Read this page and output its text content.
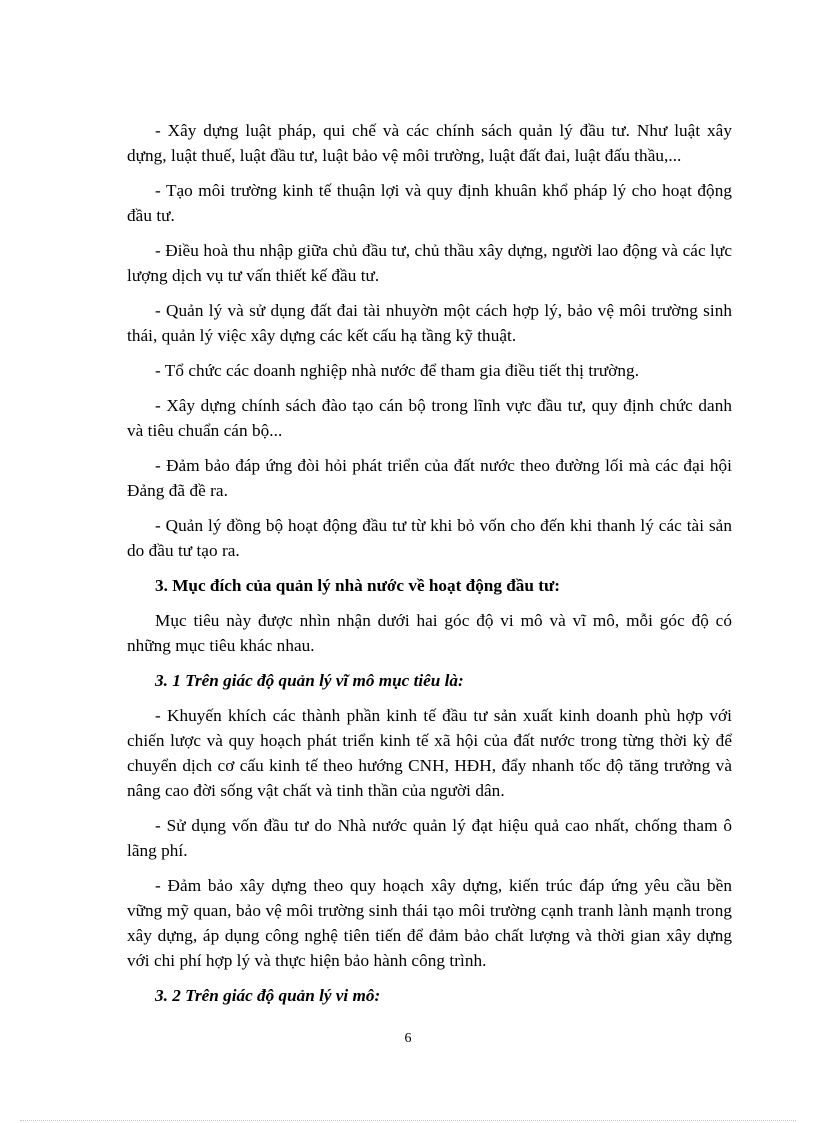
- Xây dựng luật pháp, qui chế và các chính sách quản lý đầu tư. Như luật xây dựng, luật thuế, luật đầu tư, luật bảo vệ môi trường, luật đất đai, luật đấu thầu,...

- Tạo môi trường kinh tế thuận lợi và quy định khuân khổ pháp lý cho hoạt động đầu tư.

- Điều hoà thu nhập giữa chủ đầu tư, chủ thầu xây dựng, người lao động và các lực lượng dịch vụ tư vấn thiết kế đầu tư.

- Quản lý và sử dụng đất đai tài nhuyờn một cách hợp lý, bảo vệ môi trường sinh thái, quản lý việc xây dựng các kết cấu hạ tầng kỹ thuật.

- Tổ chức các doanh nghiệp nhà nước để tham gia điều tiết thị trường.

- Xây dựng chính sách đào tạo cán bộ trong lĩnh vực đầu tư, quy định chức danh và tiêu chuẩn cán bộ...

- Đảm bảo đáp ứng đòi hỏi phát triển của đất nước theo đường lối mà các đại hội Đảng đã đề ra.

- Quản lý đồng bộ hoạt động đầu tư từ khi bỏ vốn cho đến khi thanh lý các tài sản do đầu tư tạo ra.

3. Mục đích của quản lý nhà nước về hoạt động đầu tư:

Mục tiêu này được nhìn nhận dưới hai góc độ vi mô và vĩ mô, mỗi góc độ có những mục tiêu khác nhau.

3. 1 Trên giác độ quản lý vĩ mô mục tiêu là:

- Khuyến khích các thành phần kinh tế đầu tư sản xuất kinh doanh phù hợp với chiến lược và quy hoạch phát triển kinh tế xã hội của đất nước trong từng thời kỳ để chuyển dịch cơ cấu kinh tế theo hướng CNH, HĐH, đẩy nhanh tốc độ tăng trưởng và nâng cao đời sống vật chất và tinh thần của người dân.

- Sử dụng vốn đầu tư do Nhà nước quản lý đạt hiệu quả cao nhất, chống tham ô lãng phí.

- Đảm bảo xây dựng theo quy hoạch xây dựng, kiến trúc đáp ứng yêu cầu bền vững mỹ quan, bảo vệ môi trường sinh thái tạo môi trường cạnh tranh lành mạnh trong xây dựng, áp dụng công nghệ tiên tiến để đảm bảo chất lượng và thời gian xây dựng với chi phí hợp lý và thực hiện bảo hành công trình.

3. 2 Trên giác độ quản lý vi mô:

6
